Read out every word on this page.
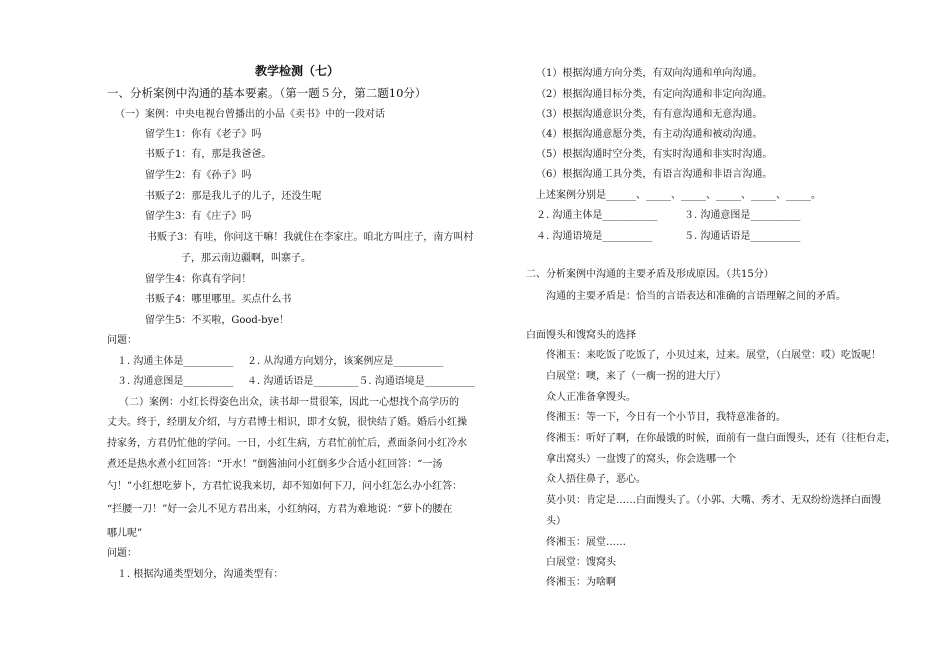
教学检测（七）
一、分析案例中沟通的基本要素。（第一题５分，第二题10分）
（一）案例：中央电视台曾播出的小品《卖书》中的一段对话
留学生1：你有《老子》吗
书贩子1：有，那是我爸爸。
留学生2：有《孙子》吗
书贩子2：那是我儿子的儿子，还没生呢
留学生3：有《庄子》吗
书贩子3：有哇，你问这干嘛！我就住在李家庄。咱北方叫庄子，南方叫村
子，那云南边疆啊，叫寨子。
留学生4：你真有学问！
书贩子4：哪里哪里。买点什么书
留学生5：不买啦，Good-bye！
问题：
１. 沟通主体是__________ ２. 从沟通方向划分，该案例应是__________
３. 沟通意图是__________ ４. 沟通话语是_________５. 沟通语境是__________
（二）案例：小红长得姿色出众，读书却一贯很笨，因此一心想找个高学历的
丈夫。终于，经朋友介绍，与方君博士相识，即才女貌，很快结了婚。婚后小红操
持家务，方君仍忙他的学问。一日，小红生病，方君忙前忙后，煮面条问小红冷水
煮还是热水煮小红回答：“开水！”倒酱油问小红倒多少合适小红回答：“一汤
勺！”小红想吃萝卜，方君忙说我来切，却不知如何下刀，问小红怎么办小红答：
“拦腰一刀！”好一会儿不见方君出来，小红纳闷，方君为难地说：“萝卜的腰在
哪儿呢”
问题：
１. 根据沟通类型划分，沟通类型有：
（1）根据沟通方向分类，有双向沟通和单向沟通。
（2）根据沟通目标分类，有定向沟通和非定向沟通。
（3）根据沟通意识分类，有有意沟通和无意沟通。
（4）根据沟通意愿分类，有主动沟通和被动沟通。
（5）根据沟通时空分类，有实时沟通和非实时沟通。
（6）根据沟通工具分类，有语言沟通和非语言沟通。
上述案例分别是______、_____、_____、_____、_____、_____。
２. 沟通主体是___________	３. 沟通意图是__________
４. 沟通语境是__________	５. 沟通话语是__________
二、分析案例中沟通的主要矛盾及形成原因。（共15分）
沟通的主要矛盾是：恰当的言语表达和准确的言语理解之间的矛盾。
白面馒头和馊窝头的选择
佟湘玉：来吃饭了吃饭了，小贝过来，过来。展堂，（白展堂：哎）吃饭呢！
白展堂：噢，来了（一瘸一拐的进大厅）
众人正准备拿馒头。
佟湘玉：等一下，今日有一个小节目，我特意准备的。
佟湘玉：听好了啊，在你最饿的时候，面前有一盘白面馒头，还有（往柜台走，
拿出窝头）一盘馊了的窝头，你会选哪一个
众人捂住鼻子，恶心。
莫小贝：肯定是……白面馒头了。（小郭、大嘴、秀才、无双纷纷选择白面馒
头）
佟湘玉：展堂……
白展堂：馊窝头
佟湘玉：为啥啊
